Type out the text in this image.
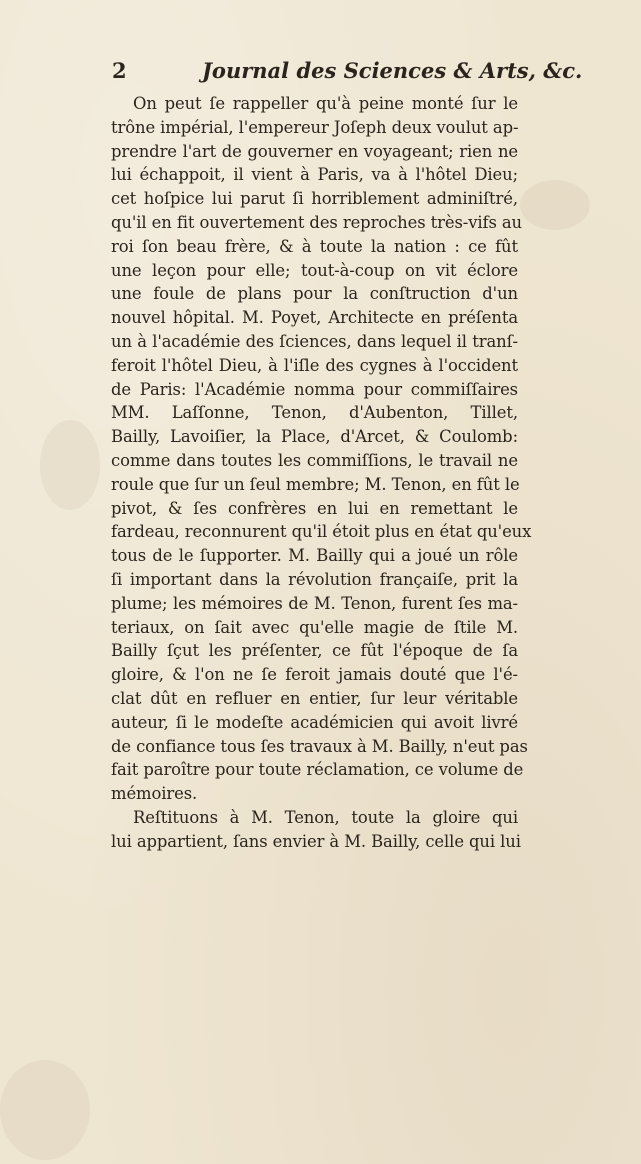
2	Journal des Sciences & Arts, &c.
On peut ſe rappeller qu'à peine monté ſur le
trône impérial, l'empereur Joſeph deux voulut ap-
prendre l'art de gouverner en voyageant; rien ne
lui échappoit, il vient à Paris, va à l'hôtel Dieu;
cet hoſpice lui parut ſi horriblement adminiſtré,
qu'il en fit ouvertement des reproches très-vifs au
roi ſon beau frère, & à toute la nation : ce fût
une leçon pour elle; tout-à-coup on vit éclore
une foule de plans pour la conſtruction d'un
nouvel hôpital. M. Poyet, Architecte en préſenta
un à l'académie des ſciences, dans lequel il tranſ-
feroit l'hôtel Dieu, à l'iſle des cygnes à l'occident
de Paris: l'Académie nomma pour commiſſaires
MM. Laſſonne, Tenon, d'Aubenton, Tillet,
Bailly, Lavoiſier, la Place, d'Arcet, & Coulomb:
comme dans toutes les commiſſions, le travail ne
roule que ſur un ſeul membre; M. Tenon, en fût le
pivot, & ſes confrères en lui en remettant le
fardeau, reconnurent qu'il étoit plus en état qu'eux
tous de le ſupporter. M. Bailly qui a joué un rôle
ſi important dans la révolution françaiſe, prit la
plume; les mémoires de M. Tenon, furent ſes ma-
teriaux, on ſait avec qu'elle magie de ſtile M.
Bailly ſçut les préſenter, ce fût l'époque de ſa
gloire, & l'on ne ſe feroit jamais douté que l'é-
clat dût en refluer en entier, ſur leur véritable
auteur, ſi le modeſte académicien qui avoit livré
de confiance tous ſes travaux à M. Bailly, n'eut pas
fait paroître pour toute réclamation, ce volume de
mémoires.
Reſtituons à M. Tenon, toute la gloire qui
lui appartient, ſans envier à M. Bailly, celle qui lui
